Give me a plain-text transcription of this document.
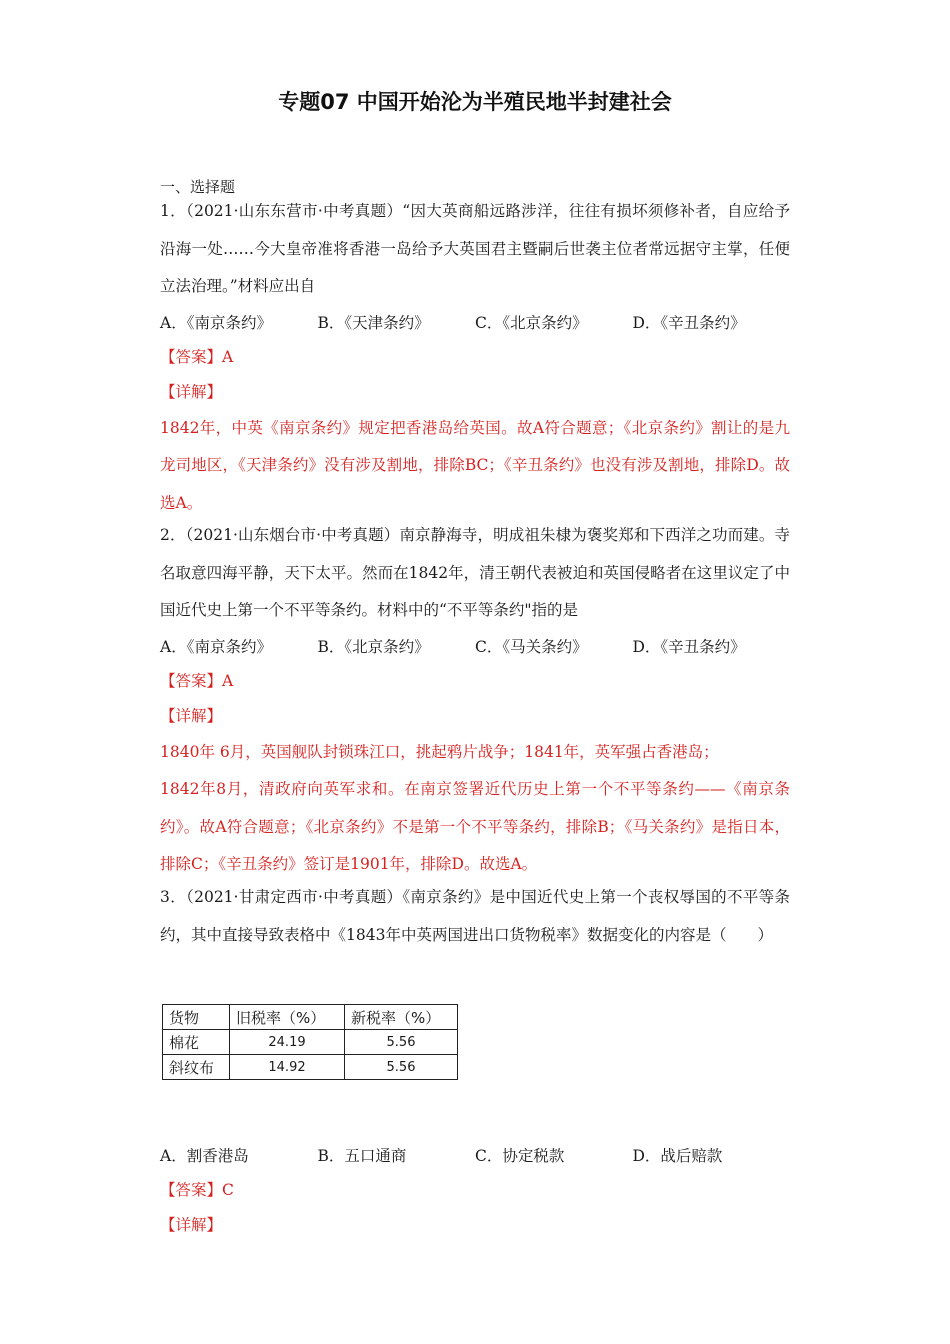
专题07 中国开始沦为半殖民地半封建社会
一、选择题
1．（2021·山东东营市·中考真题）“因大英商船远路涉洋，往往有损坏须修补者，自应给予沿海一处……今大皇帝准将香港一岛给予大英国君主暨嗣后世袭主位者常远据守主掌，任便立法治理。”材料应出自
A．《南京条约》	B．《天津条约》	C．《北京条约》	D．《辛丑条约》
【答案】A
【详解】
1842年，中英《南京条约》规定把香港岛给英国。故A符合题意；《北京条约》割让的是九龙司地区，《天津条约》没有涉及割地，排除BC；《辛丑条约》也没有涉及割地，排除D。故选A。
2．（2021·山东烟台市·中考真题）南京静海寺，明成祖朱棣为褒奖郑和下西洋之功而建。寺名取意四海平静，天下太平。然而在1842年，清王朝代表被迫和英国侵略者在这里议定了中国近代史上第一个不平等条约。材料中的“不平等条约"指的是
A．《南京条约》	B．《北京条约》	C．《马关条约》	D．《辛丑条约》
【答案】A
【详解】
1840年 6月，英国舰队封锁珠江口，挑起鸦片战争；1841年，英军强占香港岛；
1842年8月，清政府向英军求和。在南京签署近代历史上第一个不平等条约——《南京条约》。故A符合题意；《北京条约》不是第一个不平等条约，排除B；《马关条约》是指日本，排除C；《辛丑条约》签订是1901年，排除D。故选A。
3．（2021·甘肃定西市·中考真题）《南京条约》是中国近代史上第一个丧权辱国的不平等条约，其中直接导致表格中《1843年中英两国进出口货物税率》数据变化的内容是（　　）
货物	旧税率（%）	新税率（%）
棉花	24.19	5.56
斜纹布	14.92	5.56
A．割香港岛	B．五口通商	C．协定税款	D．战后赔款
【答案】C
【详解】
